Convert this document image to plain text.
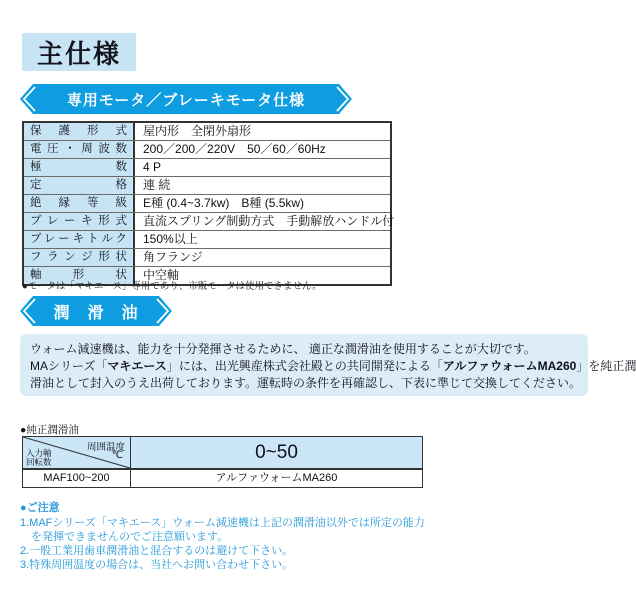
主仕様
専用モータ／ブレーキモータ仕様
保護形式	屋内形　全閉外扇形
電圧・周波数	200／200／220V　50／60／60Hz
極数	4 P
定格	連 続
絶縁等級	E種 (0.4~3.7kw)　B種 (5.5kw)
ブレーキ形式	直流スプリング制動方式　手動解放ハンドル付
ブレーキトルク	150%以上
フランジ形状	角フランジ
軸形状	中空軸
●モータは「マキエース」専用であり、市販モータは使用できません。
潤　滑　油
ウォーム減速機は、能力を十分発揮させるために、 適正な潤滑油を使用することが大切です。
MAシリーズ「マキエース」には、出光興産株式会社殿との共同開発による「アルファウォームMA260」を純正潤
滑油として封入のうえ出荷しております。運転時の条件を再確認し、下表に準じて交換してください。
●純正潤滑油
周囲温度
℃
入力軸
回転数	0~50
MAF100~200	アルファウォームMA260
●ご注意
1.MAFシリーズ「マキエース」ウォーム減速機は上記の潤滑油以外では所定の能力
　を発揮できませんのでご注意願います。
2.一般工業用歯車潤滑油と混合するのは避けて下さい。
3.特殊周囲温度の場合は、当社へお問い合わせ下さい。
